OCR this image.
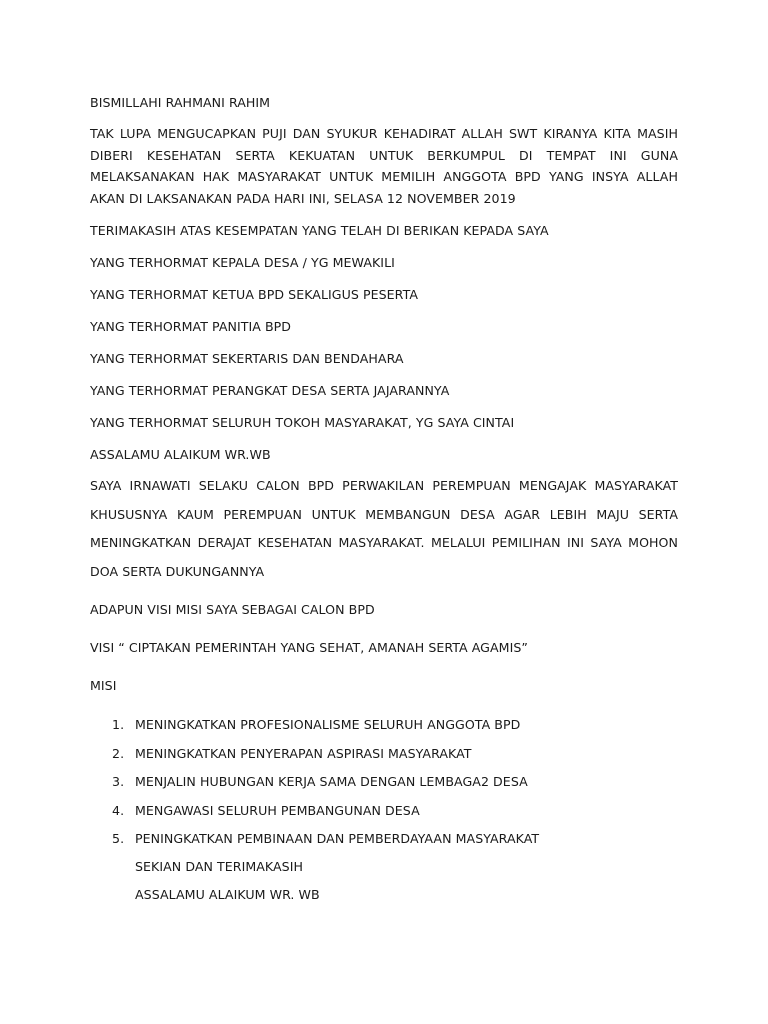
BISMILLAHI RAHMANI RAHIM

TAK LUPA MENGUCAPKAN PUJI DAN SYUKUR KEHADIRAT ALLAH SWT KIRANYA KITA MASIH DIBERI KESEHATAN SERTA KEKUATAN UNTUK BERKUMPUL DI TEMPAT INI GUNA MELAKSANAKAN HAK MASYARAKAT UNTUK MEMILIH ANGGOTA BPD YANG INSYA ALLAH AKAN DI LAKSANAKAN PADA HARI INI, SELASA 12 NOVEMBER 2019

TERIMAKASIH ATAS KESEMPATAN YANG TELAH DI BERIKAN KEPADA SAYA

YANG TERHORMAT KEPALA DESA / YG MEWAKILI

YANG TERHORMAT KETUA BPD SEKALIGUS PESERTA

YANG TERHORMAT PANITIA BPD

YANG TERHORMAT SEKERTARIS DAN BENDAHARA

YANG TERHORMAT PERANGKAT DESA SERTA JAJARANNYA

YANG TERHORMAT SELURUH TOKOH MASYARAKAT, YG SAYA CINTAI

ASSALAMU ALAIKUM WR.WB

SAYA IRNAWATI SELAKU CALON BPD PERWAKILAN PEREMPUAN MENGAJAK MASYARAKAT KHUSUSNYA KAUM PEREMPUAN UNTUK MEMBANGUN DESA AGAR LEBIH MAJU SERTA MENINGKATKAN DERAJAT KESEHATAN MASYARAKAT. MELALUI PEMILIHAN INI SAYA MOHON DOA SERTA DUKUNGANNYA

ADAPUN VISI MISI SAYA SEBAGAI CALON BPD

VISI “ CIPTAKAN PEMERINTAH YANG SEHAT, AMANAH SERTA AGAMIS”

MISI

1. MENINGKATKAN PROFESIONALISME SELURUH ANGGOTA BPD
2. MENINGKATKAN PENYERAPAN ASPIRASI MASYARAKAT
3. MENJALIN HUBUNGAN KERJA SAMA DENGAN LEMBAGA2 DESA
4. MENGAWASI SELURUH PEMBANGUNAN DESA
5. PENINGKATKAN PEMBINAAN DAN PEMBERDAYAAN MASYARAKAT

SEKIAN DAN TERIMAKASIH

ASSALAMU ALAIKUM WR. WB
